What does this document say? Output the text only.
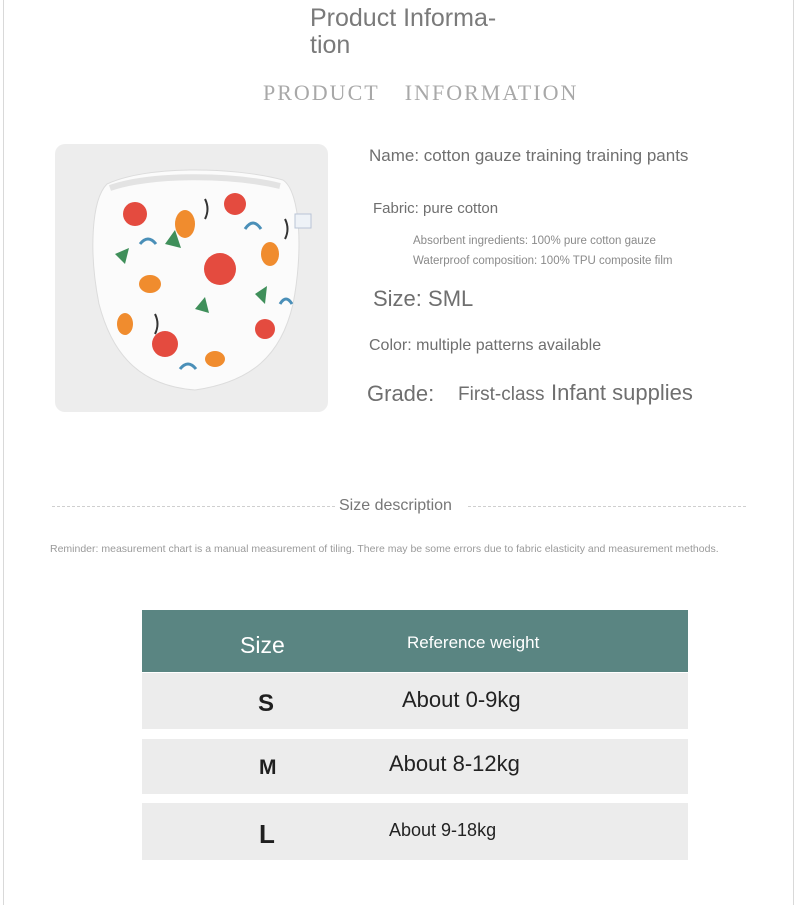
Product Informa-
tion
PRODUCT INFORMATION
Name: cotton gauze training training pants
Fabric: pure cotton
Absorbent ingredients: 100% pure cotton gauze
Waterproof composition: 100% TPU composite film
Size: SML
Color: multiple patterns available
Grade: First-class Infant supplies
Size description
Reminder: measurement chart is a manual measurement of tiling. There may be some errors due to fabric elasticity and measurement methods.
Size	Reference weight
S	About 0-9kg
M	About 8-12kg
L	About 9-18kg
